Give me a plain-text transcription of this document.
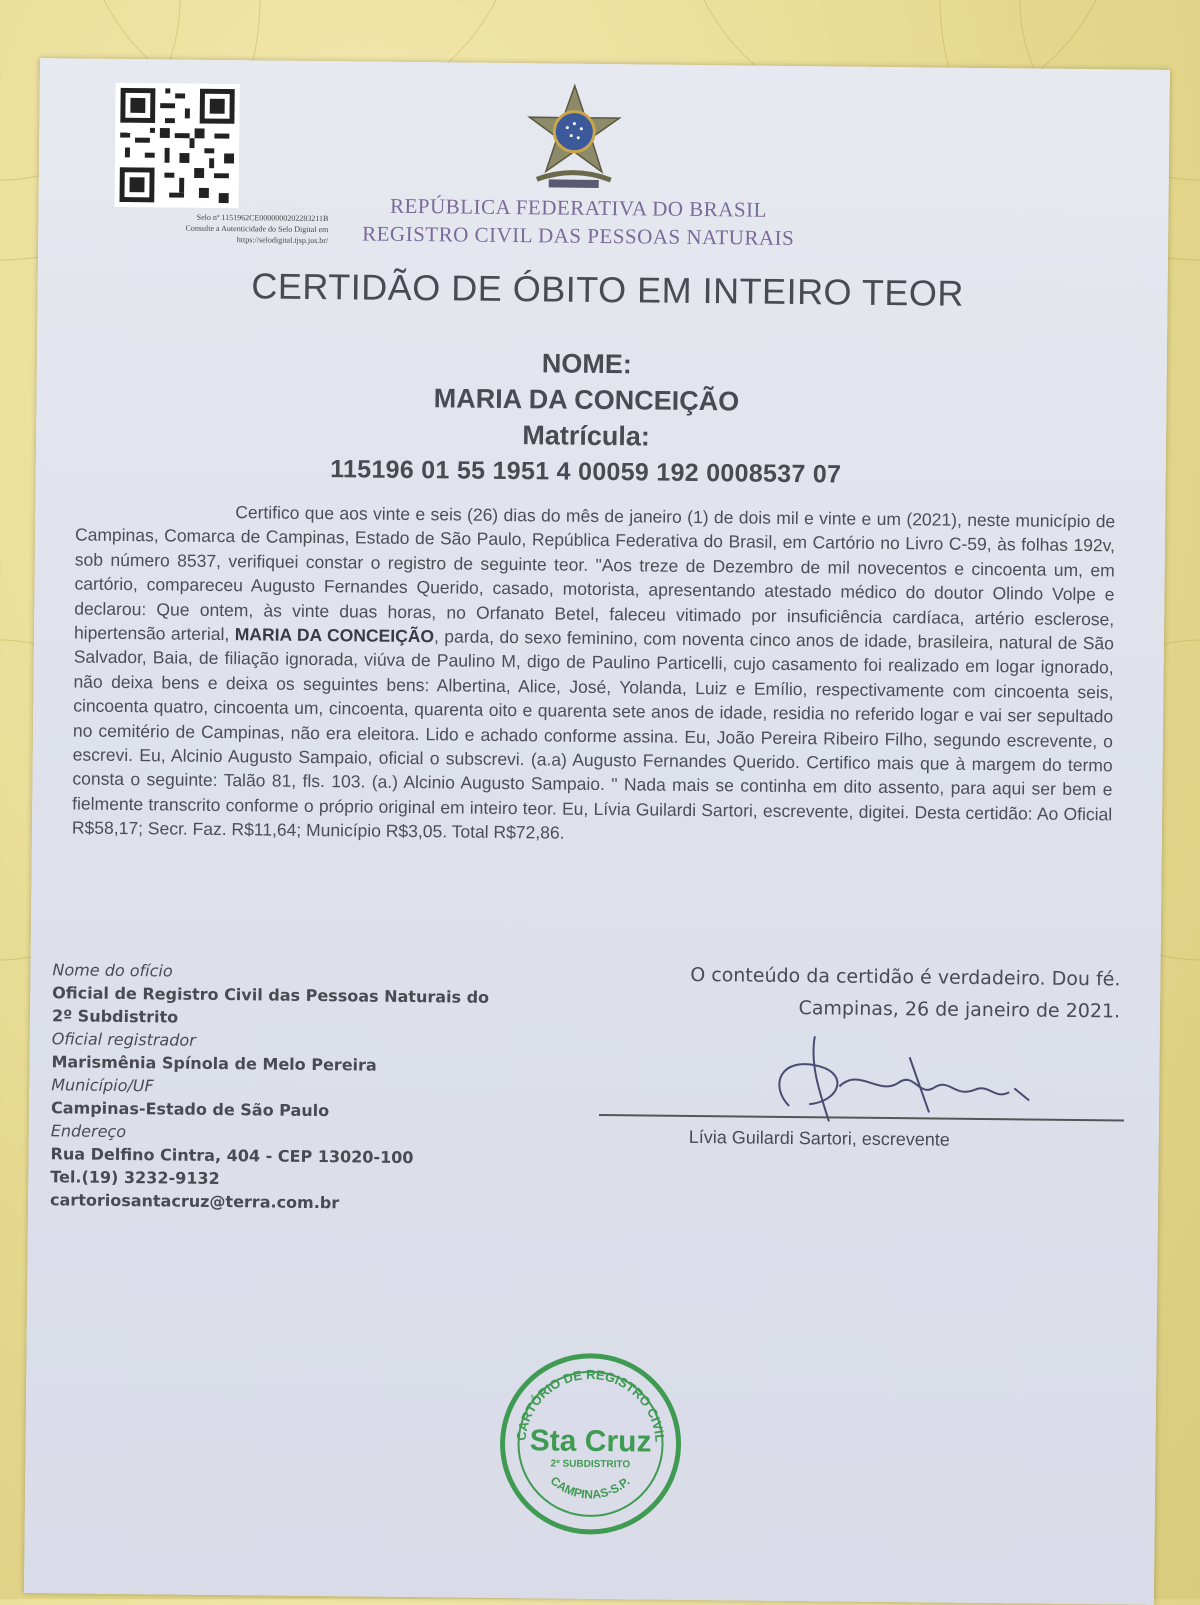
Selo nº 1151962CE0000000202283211B
Consulte a Autenticidade do Selo Digital em
https://selodigital.tjsp.jus.br/
REPÚBLICA FEDERATIVA DO BRASIL
REGISTRO CIVIL DAS PESSOAS NATURAIS
CERTIDÃO DE ÓBITO EM INTEIRO TEOR
NOME:
MARIA DA CONCEIÇÃO
Matrícula:
115196 01 55 1951 4 00059 192 0008537 07

Certifico que aos vinte e seis (26) dias do mês de janeiro (1) de dois mil e vinte e um (2021), neste município de Campinas, Comarca de Campinas, Estado de São Paulo, República Federativa do Brasil, em Cartório no Livro C-59, às folhas 192v, sob número 8537, verifiquei constar o registro de seguinte teor. "Aos treze de Dezembro de mil novecentos e cincoenta um, em cartório, compareceu Augusto Fernandes Querido, casado, motorista, apresentando atestado médico do doutor Olindo Volpe e declarou: Que ontem, às vinte duas horas, no Orfanato Betel, faleceu vitimado por insuficiência cardíaca, artério esclerose, hipertensão arterial, MARIA DA CONCEIÇÃO, parda, do sexo feminino, com noventa cinco anos de idade, brasileira, natural de São Salvador, Baia, de filiação ignorada, viúva de Paulino M, digo de Paulino Particelli, cujo casamento foi realizado em logar ignorado, não deixa bens e deixa os seguintes bens: Albertina, Alice, José, Yolanda, Luiz e Emílio, respectivamente com cincoenta seis, cincoenta quatro, cincoenta um, cincoenta, quarenta oito e quarenta sete anos de idade, residia no referido logar e vai ser sepultado no cemitério de Campinas, não era eleitora. Lido e achado conforme assina. Eu, João Pereira Ribeiro Filho, segundo escrevente, o escrevi. Eu, Alcinio Augusto Sampaio, oficial o subscrevi. (a.a) Augusto Fernandes Querido. Certifico mais que à margem do termo consta o seguinte: Talão 81, fls. 103. (a.) Alcinio Augusto Sampaio. " Nada mais se continha em dito assento, para aqui ser bem e fielmente transcrito conforme o próprio original em inteiro teor. Eu, Lívia Guilardi Sartori, escrevente, digitei. Desta certidão: Ao Oficial R$58,17; Secr. Faz. R$11,64; Município R$3,05. Total R$72,86.

Nome do ofício
Oficial de Registro Civil das Pessoas Naturais do
2º Subdistrito
Oficial registrador
Marismênia Spínola de Melo Pereira
Município/UF
Campinas-Estado de São Paulo
Endereço
Rua Delfino Cintra, 404 - CEP 13020-100
Tel.(19) 3232-9132
cartoriosantacruz@terra.com.br
O conteúdo da certidão é verdadeiro. Dou fé.
Campinas, 26 de janeiro de 2021.
Lívia Guilardi Sartori, escrevente
CARTÓRIO DE REGISTRO CIVIL
Sta Cruz
2º SUBDISTRITO
CAMPINAS-S.P.
